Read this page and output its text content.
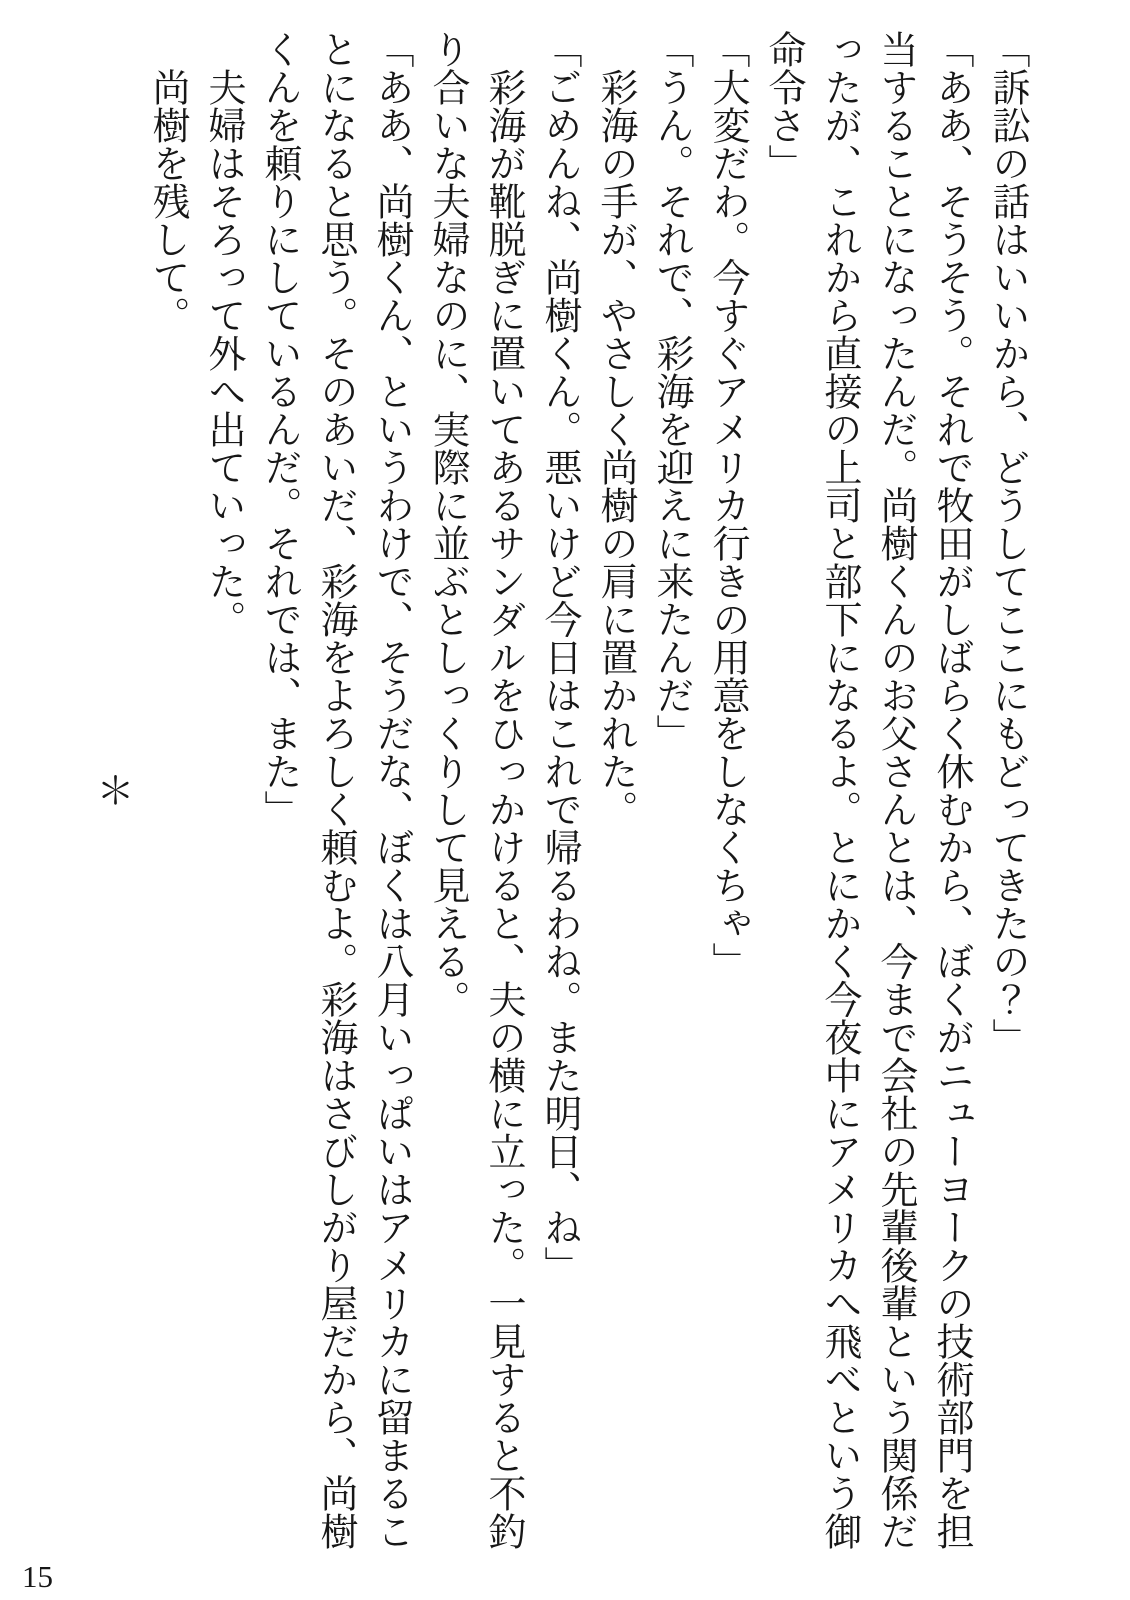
「訴訟の話はいいから、どうしてここにもどってきたの？」

「ああ、そうそう。それで牧田がしばらく休むから、ぼくがニューヨークの技術部門を担当することになったんだ。尚樹くんのお父さんとは、今まで会社の先輩後輩という関係だったが、これから直接の上司と部下になるよ。とにかく今夜中にアメリカへ飛べという御命令さ」

「大変だわ。今すぐアメリカ行きの用意をしなくちゃ」

「うん。それで、彩海を迎えに来たんだ」

彩海の手が、やさしく尚樹の肩に置かれた。

「ごめんね、尚樹くん。悪いけど今日はこれで帰るわね。また明日、ね」

彩海が靴脱ぎに置いてあるサンダルをひっかけると、夫の横に立った。一見すると不釣り合いな夫婦なのに、実際に並ぶとしっくりして見える。

「ああ、尚樹くん、というわけで、そうだな、ぼくは八月いっぱいはアメリカに留まることになると思う。そのあいだ、彩海をよろしく頼むよ。彩海はさびしがり屋だから、尚樹くんを頼りにしているんだ。それでは、また」

夫婦はそろって外へ出ていった。

尚樹を残して。

＊

15
